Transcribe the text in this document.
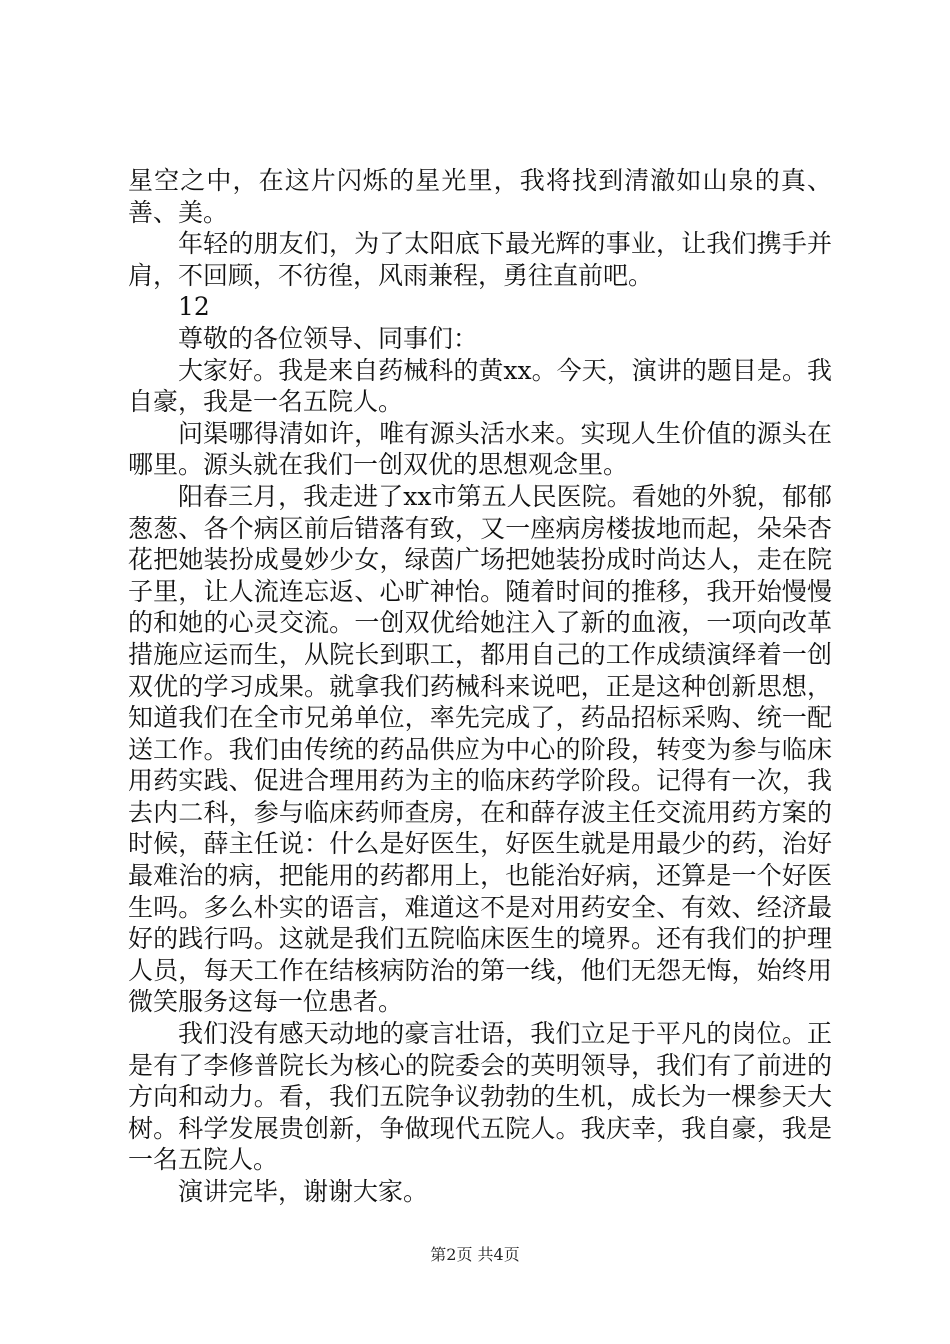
星空之中，在这片闪烁的星光里，我将找到清澈如山泉的真、善、美。

年轻的朋友们，为了太阳底下最光辉的事业，让我们携手并肩，不回顾，不彷徨，风雨兼程，勇往直前吧。

12

尊敬的各位领导、同事们：

大家好。我是来自药械科的黄xx。今天，演讲的题目是。我自豪，我是一名五院人。

问渠哪得清如许，唯有源头活水来。实现人生价值的源头在哪里。源头就在我们一创双优的思想观念里。

阳春三月，我走进了xx市第五人民医院。看她的外貌，郁郁葱葱、各个病区前后错落有致，又一座病房楼拔地而起，朵朵杏花把她装扮成曼妙少女，绿茵广场把她装扮成时尚达人，走在院子里，让人流连忘返、心旷神怡。随着时间的推移，我开始慢慢的和她的心灵交流。一创双优给她注入了新的血液，一项向改革措施应运而生，从院长到职工，都用自己的工作成绩演绎着一创双优的学习成果。就拿我们药械科来说吧，正是这种创新思想，知道我们在全市兄弟单位，率先完成了，药品招标采购、统一配送工作。我们由传统的药品供应为中心的阶段，转变为参与临床用药实践、促进合理用药为主的临床药学阶段。记得有一次，我去内二科，参与临床药师查房，在和薛存波主任交流用药方案的时候，薛主任说：什么是好医生，好医生就是用最少的药，治好最难治的病，把能用的药都用上，也能治好病，还算是一个好医生吗。多么朴实的语言，难道这不是对用药安全、有效、经济最好的践行吗。这就是我们五院临床医生的境界。还有我们的护理人员，每天工作在结核病防治的第一线，他们无怨无悔，始终用微笑服务这每一位患者。

我们没有感天动地的豪言壮语，我们立足于平凡的岗位。正是有了李修普院长为核心的院委会的英明领导，我们有了前进的方向和动力。看，我们五院争议勃勃的生机，成长为一棵参天大树。科学发展贵创新，争做现代五院人。我庆幸，我自豪，我是一名五院人。

演讲完毕，谢谢大家。

第2页 共4页
